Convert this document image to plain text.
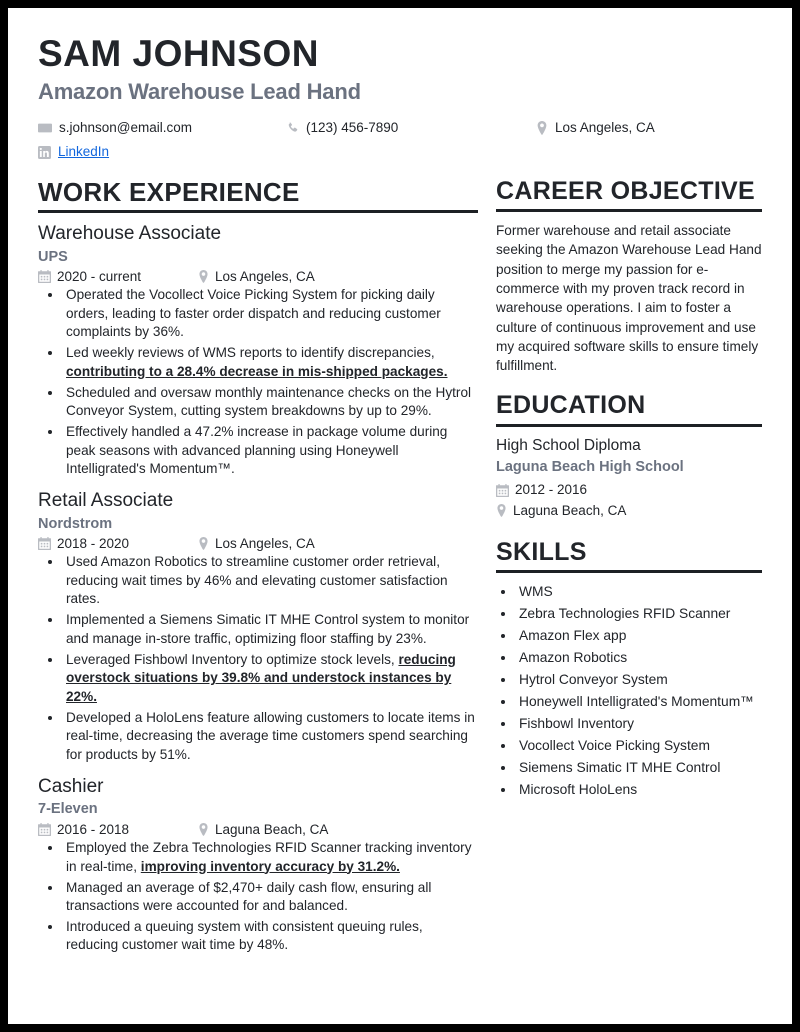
SAM JOHNSON
Amazon Warehouse Lead Hand
s.johnson@email.com	(123) 456-7890	Los Angeles, CA
LinkedIn
WORK EXPERIENCE
Warehouse Associate
UPS
2020 - current	Los Angeles, CA
• Operated the Vocollect Voice Picking System for picking daily orders, leading to faster order dispatch and reducing customer complaints by 36%.
• Led weekly reviews of WMS reports to identify discrepancies, contributing to a 28.4% decrease in mis-shipped packages.
• Scheduled and oversaw monthly maintenance checks on the Hytrol Conveyor System, cutting system breakdowns by up to 29%.
• Effectively handled a 47.2% increase in package volume during peak seasons with advanced planning using Honeywell Intelligrated's Momentum™.
Retail Associate
Nordstrom
2018 - 2020	Los Angeles, CA
• Used Amazon Robotics to streamline customer order retrieval, reducing wait times by 46% and elevating customer satisfaction rates.
• Implemented a Siemens Simatic IT MHE Control system to monitor and manage in-store traffic, optimizing floor staffing by 23%.
• Leveraged Fishbowl Inventory to optimize stock levels, reducing overstock situations by 39.8% and understock instances by 22%.
• Developed a HoloLens feature allowing customers to locate items in real-time, decreasing the average time customers spend searching for products by 51%.
Cashier
7-Eleven
2016 - 2018	Laguna Beach, CA
• Employed the Zebra Technologies RFID Scanner tracking inventory in real-time, improving inventory accuracy by 31.2%.
• Managed an average of $2,470+ daily cash flow, ensuring all transactions were accounted for and balanced.
• Introduced a queuing system with consistent queuing rules, reducing customer wait time by 48%.
CAREER OBJECTIVE

Former warehouse and retail associate seeking the Amazon Warehouse Lead Hand position to merge my passion for e-commerce with my proven track record in warehouse operations. I aim to foster a culture of continuous improvement and use my acquired software skills to ensure timely fulfillment.

EDUCATION
High School Diploma
Laguna Beach High School
2012 - 2016
Laguna Beach, CA
SKILLS
• WMS
• Zebra Technologies RFID Scanner
• Amazon Flex app
• Amazon Robotics
• Hytrol Conveyor System
• Honeywell Intelligrated's Momentum™
• Fishbowl Inventory
• Vocollect Voice Picking System
• Siemens Simatic IT MHE Control
• Microsoft HoloLens
